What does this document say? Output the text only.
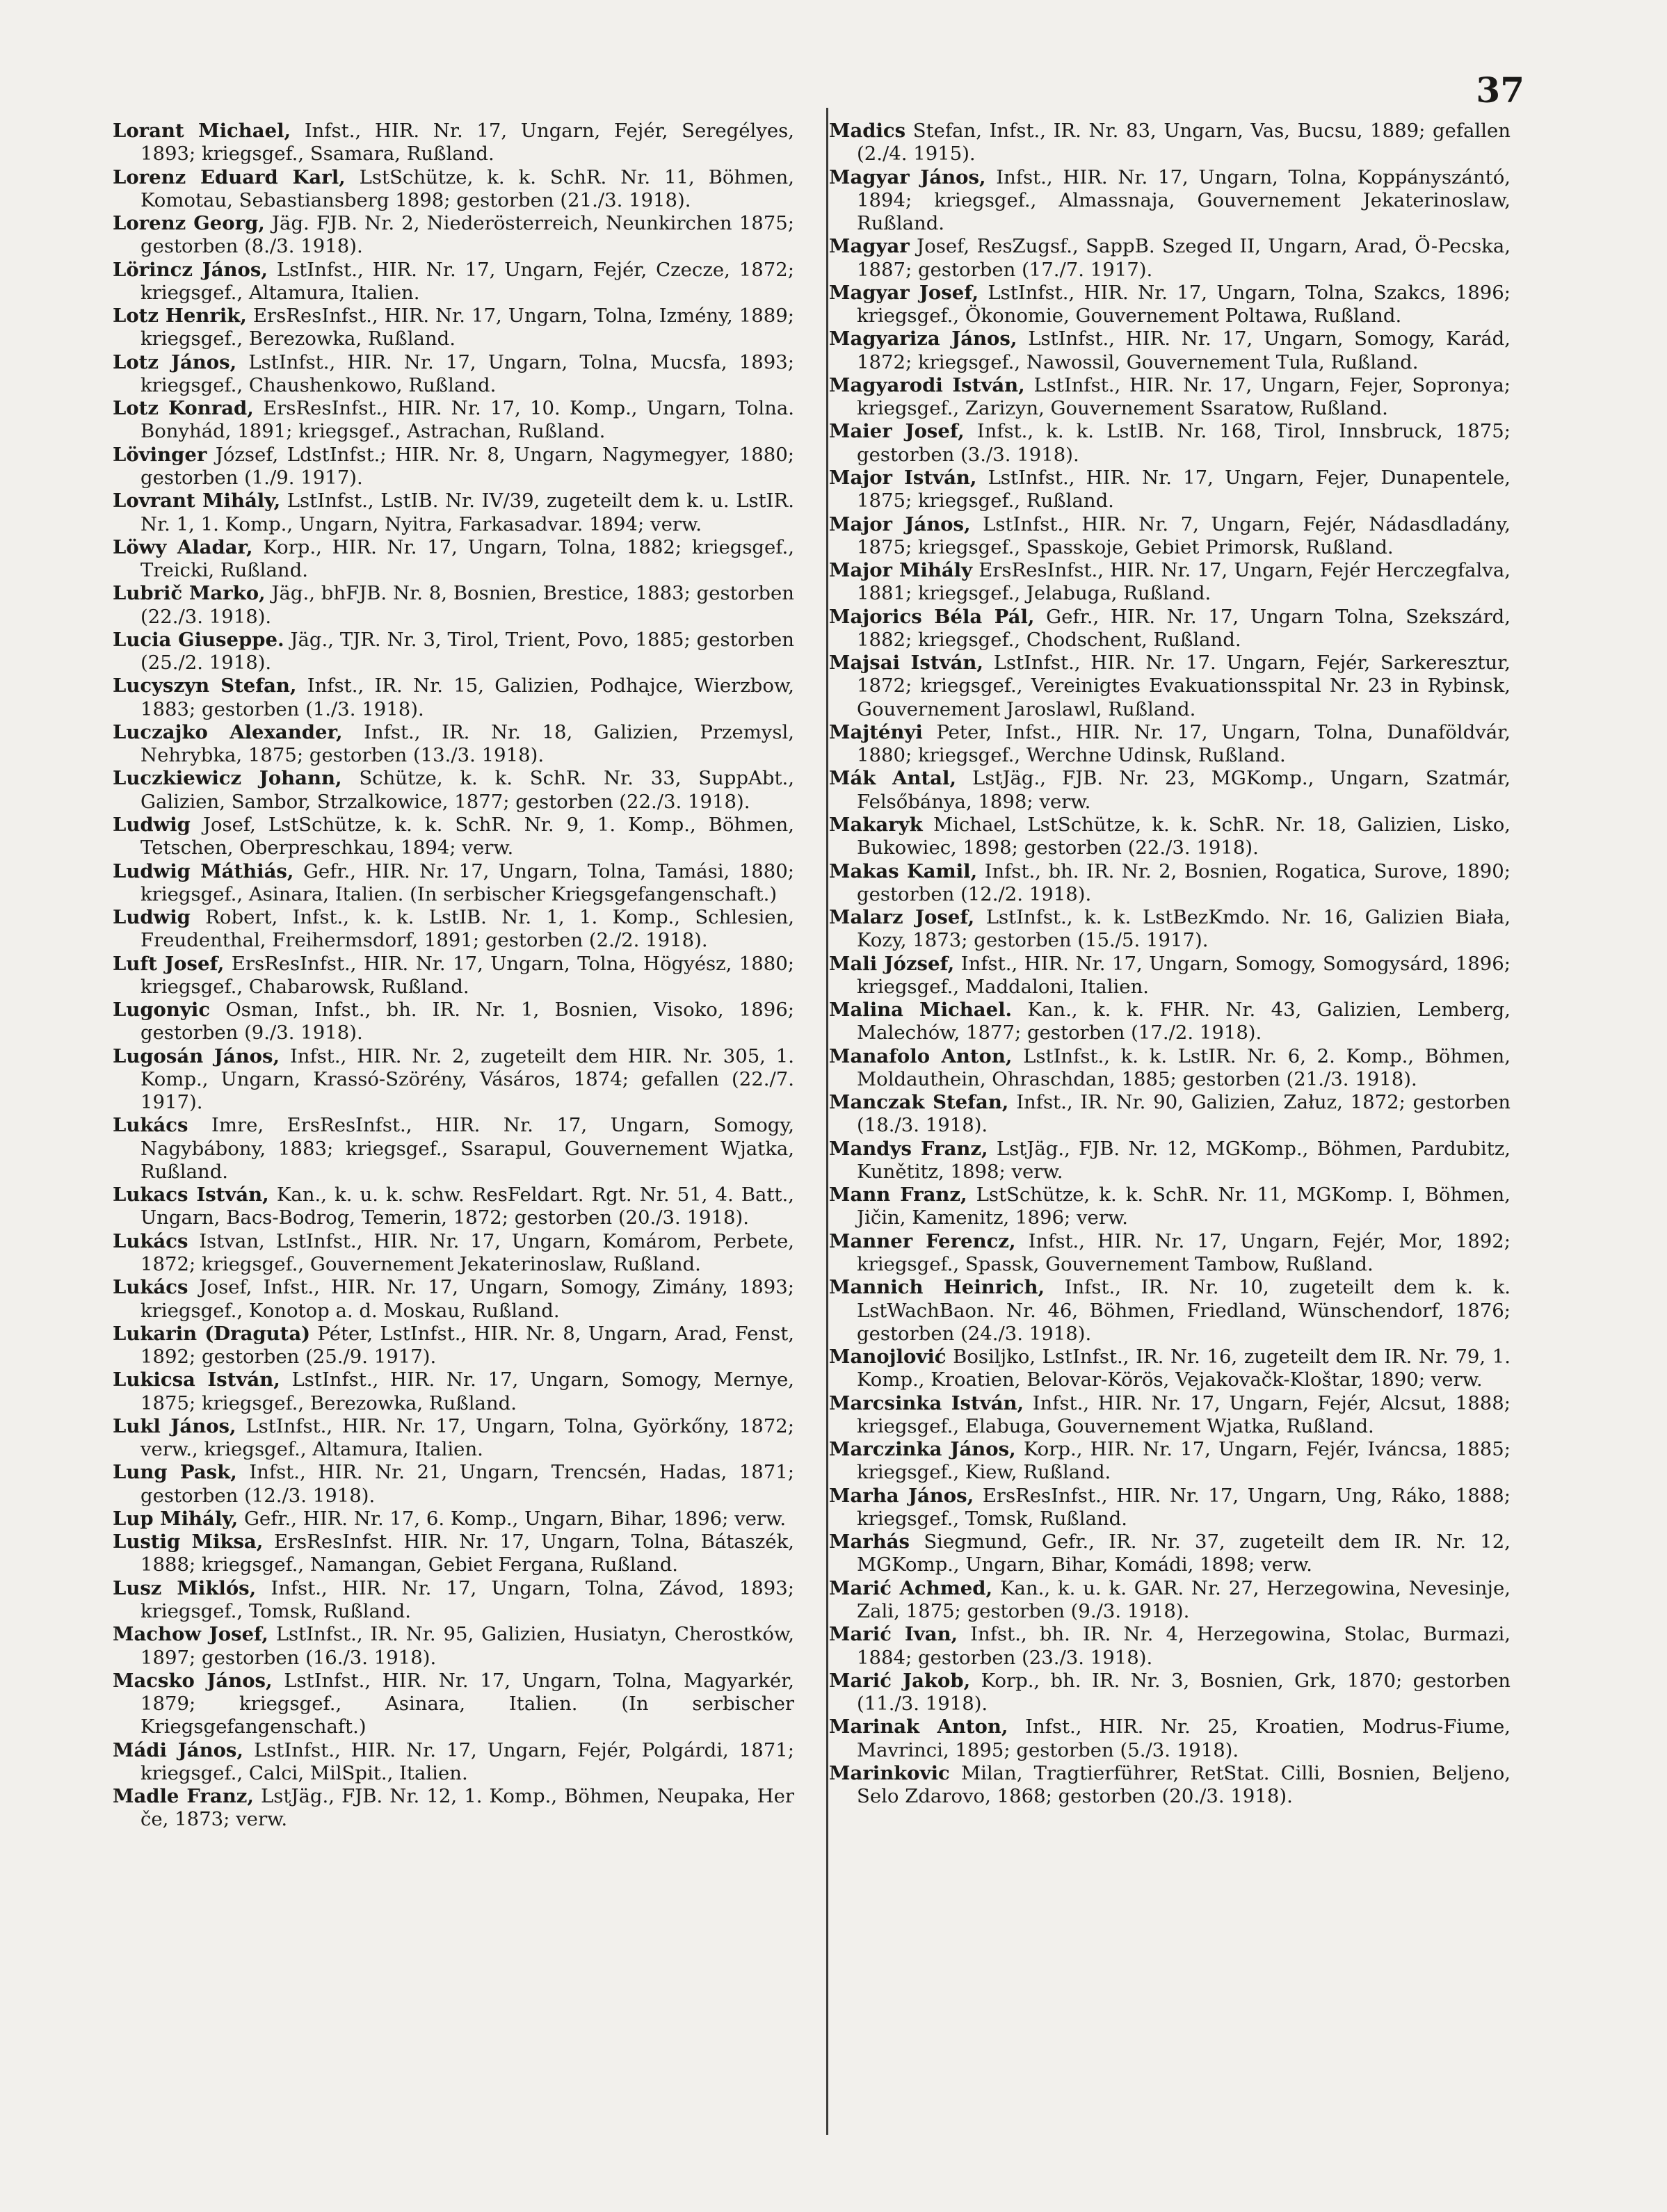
37

Lorant Michael, Infst., HIR. Nr. 17, Ungarn, Fejér, Seregélyes, 1893; kriegsgef., Ssamara, Rußland.

Lorenz Eduard Karl, LstSchütze, k. k. SchR. Nr. 11, Böhmen, Komotau, Sebastiansberg 1898; gestorben (21./3. 1918).

Lorenz Georg, Jäg. FJB. Nr. 2, Niederösterreich, Neunkirchen 1875; gestorben (8./3. 1918).

Lörincz János, LstInfst., HIR. Nr. 17, Ungarn, Fejér, Czecze, 1872; kriegsgef., Altamura, Italien.

Lotz Henrik, ErsResInfst., HIR. Nr. 17, Ungarn, Tolna, Izmény, 1889; kriegsgef., Berezowka, Rußland.

Lotz János, LstInfst., HIR. Nr. 17, Ungarn, Tolna, Mucsfa, 1893; kriegsgef., Chaushenkowo, Rußland.

Lotz Konrad, ErsResInfst., HIR. Nr. 17, 10. Komp., Ungarn, Tolna. Bonyhád, 1891; kriegsgef., Astrachan, Rußland.

Lövinger József, LdstInfst.; HIR. Nr. 8, Ungarn, Nagymegyer, 1880; gestorben (1./9. 1917).

Lovrant Mihály, LstInfst., LstIB. Nr. IV/39, zugeteilt dem k. u. LstIR. Nr. 1, 1. Komp., Ungarn, Nyitra, Farkasadvar. 1894; verw.

Löwy Aladar, Korp., HIR. Nr. 17, Ungarn, Tolna, 1882; kriegsgef., Treicki, Rußland.

Lubrič Marko, Jäg., bhFJB. Nr. 8, Bosnien, Brestice, 1883; gestorben (22./3. 1918).

Lucia Giuseppe. Jäg., TJR. Nr. 3, Tirol, Trient, Povo, 1885; gestorben (25./2. 1918).

Lucyszyn Stefan, Infst., IR. Nr. 15, Galizien, Podhajce, Wierzbow, 1883; gestorben (1./3. 1918).

Luczajko Alexander, Infst., IR. Nr. 18, Galizien, Przemysl, Nehrybka, 1875; gestorben (13./3. 1918).

Luczkiewicz Johann, Schütze, k. k. SchR. Nr. 33, SuppAbt., Galizien, Sambor, Strzalkowice, 1877; gestorben (22./3. 1918).

Ludwig Josef, LstSchütze, k. k. SchR. Nr. 9, 1. Komp., Böhmen, Tetschen, Oberpreschkau, 1894; verw.

Ludwig Máthiás, Gefr., HIR. Nr. 17, Ungarn, Tolna, Tamási, 1880; kriegsgef., Asinara, Italien. (In serbischer Kriegsgefangenschaft.)

Ludwig Robert, Infst., k. k. LstIB. Nr. 1, 1. Komp., Schlesien, Freudenthal, Freihermsdorf, 1891; gestorben (2./2. 1918).

Luft Josef, ErsResInfst., HIR. Nr. 17, Ungarn, Tolna, Högyész, 1880; kriegsgef., Chabarowsk, Rußland.

Lugonyic Osman, Infst., bh. IR. Nr. 1, Bosnien, Visoko, 1896; gestorben (9./3. 1918).

Lugosán János, Infst., HIR. Nr. 2, zugeteilt dem HIR. Nr. 305, 1. Komp., Ungarn, Krassó-Szörény, Vásáros, 1874; gefallen (22./7. 1917).

Lukács Imre, ErsResInfst., HIR. Nr. 17, Ungarn, Somogy, Nagybábony, 1883; kriegsgef., Ssarapul, Gouvernement Wjatka, Rußland.

Lukacs István, Kan., k. u. k. schw. ResFeldart. Rgt. Nr. 51, 4. Batt., Ungarn, Bacs-Bodrog, Temerin, 1872; gestorben (20./3. 1918).

Lukács Istvan, LstInfst., HIR. Nr. 17, Ungarn, Komárom, Perbete, 1872; kriegsgef., Gouvernement Jekaterinoslaw, Rußland.

Lukács Josef, Infst., HIR. Nr. 17, Ungarn, Somogy, Zimány, 1893; kriegsgef., Konotop a. d. Moskau, Rußland.

Lukarin (Draguta) Péter, LstInfst., HIR. Nr. 8, Ungarn, Arad, Fenst, 1892; gestorben (25./9. 1917).

Lukicsa István, LstInfst., HIR. Nr. 17, Ungarn, Somogy, Mernye, 1875; kriegsgef., Berezowka, Rußland.

Lukl János, LstInfst., HIR. Nr. 17, Ungarn, Tolna, Györkőny, 1872; verw., kriegsgef., Altamura, Italien.

Lung Pask, Infst., HIR. Nr. 21, Ungarn, Trencsén, Hadas, 1871; gestorben (12./3. 1918).

Lup Mihály, Gefr., HIR. Nr. 17, 6. Komp., Ungarn, Bihar, 1896; verw.

Lustig Miksa, ErsResInfst. HIR. Nr. 17, Ungarn, Tolna, Bátaszék, 1888; kriegsgef., Namangan, Gebiet Fergana, Rußland.

Lusz Miklós, Infst., HIR. Nr. 17, Ungarn, Tolna, Závod, 1893; kriegsgef., Tomsk, Rußland.

Machow Josef, LstInfst., IR. Nr. 95, Galizien, Husiatyn, Cherostków, 1897; gestorben (16./3. 1918).

Macsko János, LstInfst., HIR. Nr. 17, Ungarn, Tolna, Magyarkér, 1879; kriegsgef., Asinara, Italien. (In serbischer Kriegsgefangenschaft.)

Mádi János, LstInfst., HIR. Nr. 17, Ungarn, Fejér, Polgárdi, 1871; kriegsgef., Calci, MilSpit., Italien.

Madle Franz, LstJäg., FJB. Nr. 12, 1. Komp., Böhmen, Neupaka, Her če, 1873; verw.

Madics Stefan, Infst., IR. Nr. 83, Ungarn, Vas, Bucsu, 1889; gefallen (2./4. 1915).

Magyar János, Infst., HIR. Nr. 17, Ungarn, Tolna, Koppányszántó, 1894; kriegsgef., Almassnaja, Gouvernement Jekaterinoslaw, Rußland.

Magyar Josef, ResZugsf., SappB. Szeged II, Ungarn, Arad, Ö-Pecska, 1887; gestorben (17./7. 1917).

Magyar Josef, LstInfst., HIR. Nr. 17, Ungarn, Tolna, Szakcs, 1896; kriegsgef., Ökonomie, Gouvernement Poltawa, Rußland.

Magyariza János, LstInfst., HIR. Nr. 17, Ungarn, Somogy, Karád, 1872; kriegsgef., Nawossil, Gouvernement Tula, Rußland.

Magyarodi István, LstInfst., HIR. Nr. 17, Ungarn, Fejer, Sopronya; kriegsgef., Zarizyn, Gouvernement Ssaratow, Rußland.

Maier Josef, Infst., k. k. LstIB. Nr. 168, Tirol, Innsbruck, 1875; gestorben (3./3. 1918).

Major István, LstInfst., HIR. Nr. 17, Ungarn, Fejer, Dunapentele, 1875; kriegsgef., Rußland.

Major János, LstInfst., HIR. Nr. 7, Ungarn, Fejér, Nádasdladány, 1875; kriegsgef., Spasskoje, Gebiet Primorsk, Rußland.

Major Mihály ErsResInfst., HIR. Nr. 17, Ungarn, Fejér Herczegfalva, 1881; kriegsgef., Jelabuga, Rußland.

Majorics Béla Pál, Gefr., HIR. Nr. 17, Ungarn Tolna, Szekszárd, 1882; kriegsgef., Chodschent, Rußland.

Majsai István, LstInfst., HIR. Nr. 17. Ungarn, Fejér, Sarkeresztur, 1872; kriegsgef., Vereinigtes Evakuationsspital Nr. 23 in Rybinsk, Gouvernement Jaroslawl, Rußland.

Majtényi Peter, Infst., HIR. Nr. 17, Ungarn, Tolna, Dunaföldvár, 1880; kriegsgef., Werchne Udinsk, Rußland.

Mák Antal, LstJäg., FJB. Nr. 23, MGKomp., Ungarn, Szatmár, Felsőbánya, 1898; verw.

Makaryk Michael, LstSchütze, k. k. SchR. Nr. 18, Galizien, Lisko, Bukowiec, 1898; gestorben (22./3. 1918).

Makas Kamil, Infst., bh. IR. Nr. 2, Bosnien, Rogatica, Surove, 1890; gestorben (12./2. 1918).

Malarz Josef, LstInfst., k. k. LstBezKmdo. Nr. 16, Galizien Biała, Kozy, 1873; gestorben (15./5. 1917).

Mali József, Infst., HIR. Nr. 17, Ungarn, Somogy, Somogysárd, 1896; kriegsgef., Maddaloni, Italien.

Malina Michael. Kan., k. k. FHR. Nr. 43, Galizien, Lemberg, Malechów, 1877; gestorben (17./2. 1918).

Manafolo Anton, LstInfst., k. k. LstIR. Nr. 6, 2. Komp., Böhmen, Moldauthein, Ohraschdan, 1885; gestorben (21./3. 1918).

Manczak Stefan, Infst., IR. Nr. 90, Galizien, Załuz, 1872; gestorben (18./3. 1918).

Mandys Franz, LstJäg., FJB. Nr. 12, MGKomp., Böhmen, Pardubitz, Kunětitz, 1898; verw.

Mann Franz, LstSchütze, k. k. SchR. Nr. 11, MGKomp. I, Böhmen, Jičin, Kamenitz, 1896; verw.

Manner Ferencz, Infst., HIR. Nr. 17, Ungarn, Fejér, Mor, 1892; kriegsgef., Spassk, Gouvernement Tambow, Rußland.

Mannich Heinrich, Infst., IR. Nr. 10, zugeteilt dem k. k. LstWachBaon. Nr. 46, Böhmen, Friedland, Wünschendorf, 1876; gestorben (24./3. 1918).

Manojlović Bosiljko, LstInfst., IR. Nr. 16, zugeteilt dem IR. Nr. 79, 1. Komp., Kroatien, Belovar-Körös, Vejakovačk-Kloštar, 1890; verw.

Marcsinka István, Infst., HIR. Nr. 17, Ungarn, Fejér, Alcsut, 1888; kriegsgef., Elabuga, Gouvernement Wjatka, Rußland.

Marczinka János, Korp., HIR. Nr. 17, Ungarn, Fejér, Iváncsa, 1885; kriegsgef., Kiew, Rußland.

Marha János, ErsResInfst., HIR. Nr. 17, Ungarn, Ung, Ráko, 1888; kriegsgef., Tomsk, Rußland.

Marhás Siegmund, Gefr., IR. Nr. 37, zugeteilt dem IR. Nr. 12, MGKomp., Ungarn, Bihar, Komádi, 1898; verw.

Marić Achmed, Kan., k. u. k. GAR. Nr. 27, Herzegowina, Nevesinje, Zali, 1875; gestorben (9./3. 1918).

Marić Ivan, Infst., bh. IR. Nr. 4, Herzegowina, Stolac, Burmazi, 1884; gestorben (23./3. 1918).

Marić Jakob, Korp., bh. IR. Nr. 3, Bosnien, Grk, 1870; gestorben (11./3. 1918).

Marinak Anton, Infst., HIR. Nr. 25, Kroatien, Modrus-Fiume, Mavrinci, 1895; gestorben (5./3. 1918).

Marinkovic Milan, Tragtierführer, RetStat. Cilli, Bosnien, Beljeno, Selo Zdarovo, 1868; gestorben (20./3. 1918).
